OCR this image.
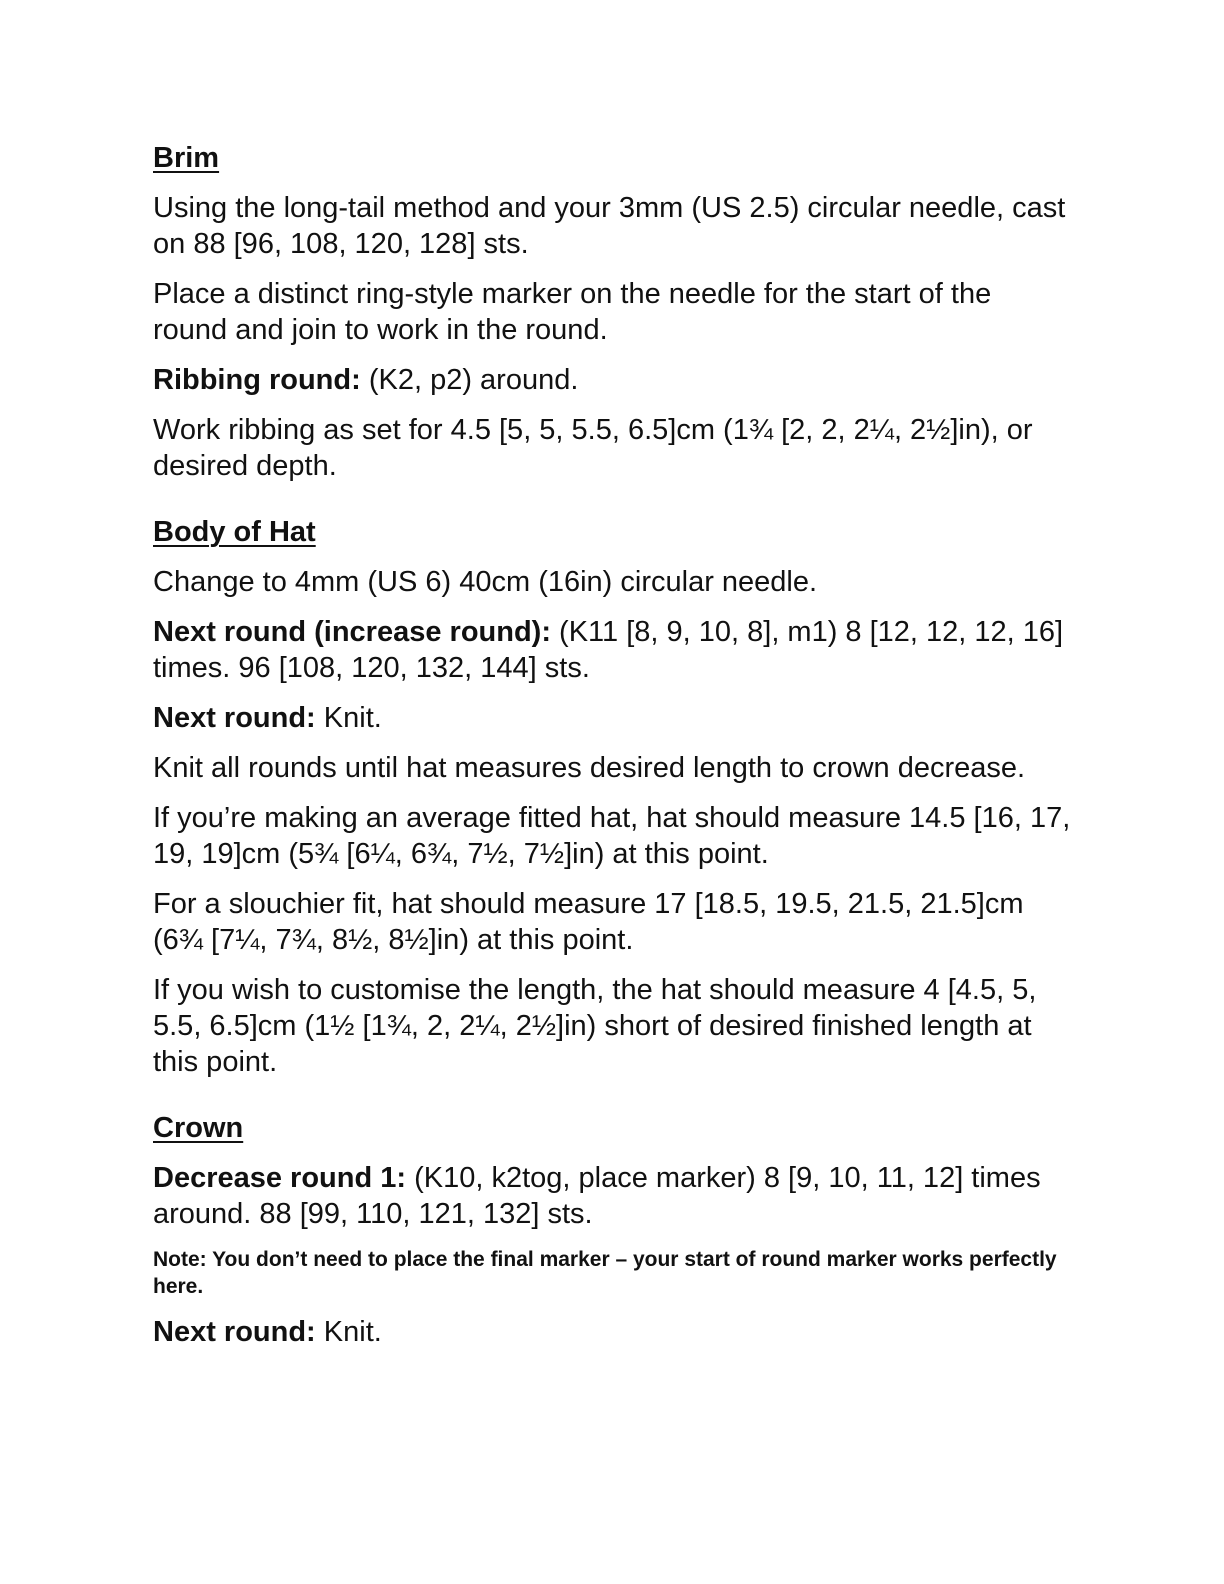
Brim

Using the long-tail method and your 3mm (US 2.5) circular needle, cast on 88 [96, 108, 120, 128] sts.

Place a distinct ring-style marker on the needle for the start of the round and join to work in the round.

Ribbing round: (K2, p2) around.

Work ribbing as set for 4.5 [5, 5, 5.5, 6.5]cm (1¾ [2, 2, 2¼, 2½]in), or desired depth.

Body of Hat

Change to 4mm (US 6) 40cm (16in) circular needle.

Next round (increase round): (K11 [8, 9, 10, 8], m1) 8 [12, 12, 12, 16] times. 96 [108, 120, 132, 144] sts.

Next round: Knit.

Knit all rounds until hat measures desired length to crown decrease.

If you’re making an average fitted hat, hat should measure 14.5 [16, 17, 19, 19]cm (5¾ [6¼, 6¾, 7½, 7½]in) at this point.

For a slouchier fit, hat should measure 17 [18.5, 19.5, 21.5, 21.5]cm (6¾ [7¼, 7¾, 8½, 8½]in) at this point.

If you wish to customise the length, the hat should measure 4 [4.5, 5, 5.5, 6.5]cm (1½ [1¾, 2, 2¼, 2½]in) short of desired finished length at this point.

Crown

Decrease round 1: (K10, k2tog, place marker) 8 [9, 10, 11, 12] times around. 88 [99, 110, 121, 132] sts.

Note: You don’t need to place the final marker – your start of round marker works perfectly here.

Next round: Knit.
